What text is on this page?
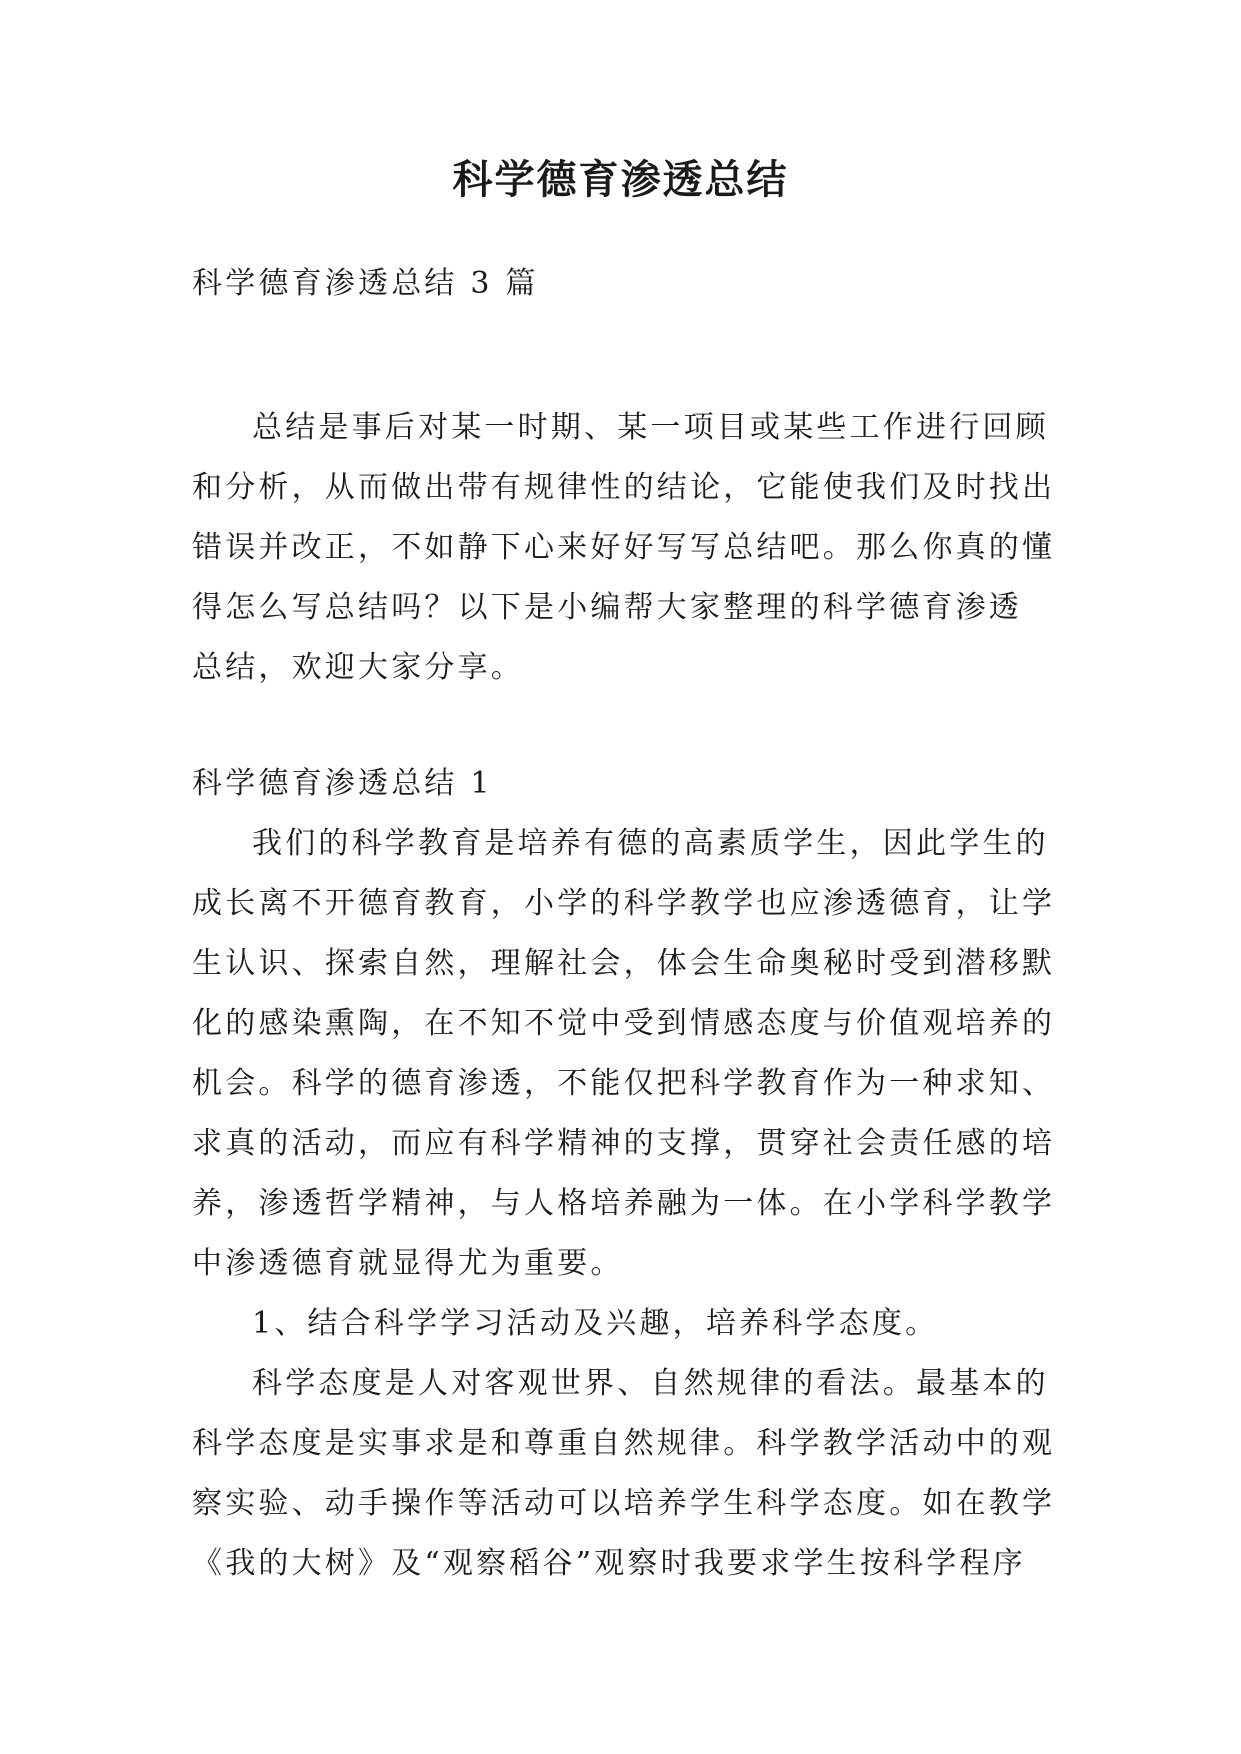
科学德育渗透总结
科学德育渗透总结 3 篇
总结是事后对某一时期、某一项目或某些工作进行回顾
和分析，从而做出带有规律性的结论，它能使我们及时找出
错误并改正，不如静下心来好好写写总结吧。那么你真的懂
得怎么写总结吗？以下是小编帮大家整理的科学德育渗透
总结，欢迎大家分享。
科学德育渗透总结 1
我们的科学教育是培养有德的高素质学生，因此学生的
成长离不开德育教育，小学的科学教学也应渗透德育，让学
生认识、探索自然，理解社会，体会生命奥秘时受到潜移默
化的感染熏陶，在不知不觉中受到情感态度与价值观培养的
机会。科学的德育渗透，不能仅把科学教育作为一种求知、
求真的活动，而应有科学精神的支撑，贯穿社会责任感的培
养，渗透哲学精神，与人格培养融为一体。在小学科学教学
中渗透德育就显得尤为重要。
1、结合科学学习活动及兴趣，培养科学态度。
科学态度是人对客观世界、自然规律的看法。最基本的
科学态度是实事求是和尊重自然规律。科学教学活动中的观
察实验、动手操作等活动可以培养学生科学态度。如在教学
《我的大树》及“观察稻谷”观察时我要求学生按科学程序
